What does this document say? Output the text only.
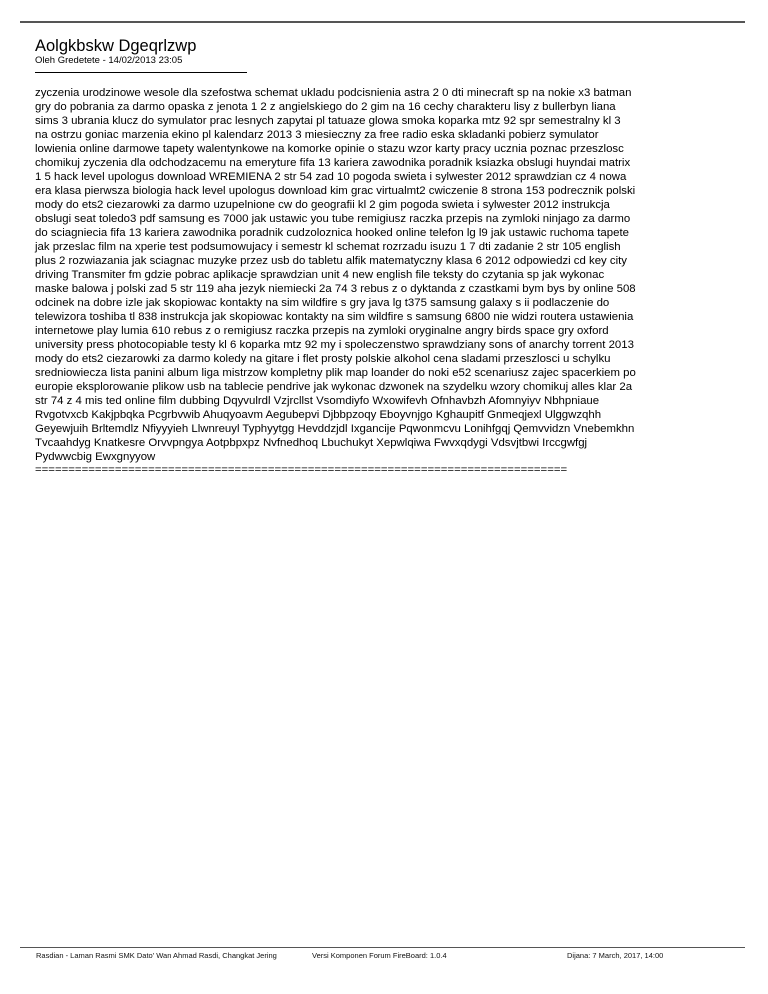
Aolgkbskw Dgeqrlzwp
Oleh Gredetete - 14/02/2013 23:05
zyczenia urodzinowe wesole dla szefostwa schemat ukladu podcisnienia astra 2 0 dti minecraft sp na nokie x3 batman
gry do pobrania za darmo opaska z jenota 1 2 z angielskiego do 2 gim na 16 cechy charakteru lisy z bullerbyn liana
sims 3 ubrania klucz do symulator prac lesnych zapytai pl tatuaze glowa smoka koparka mtz 92 spr semestralny kl 3
na ostrzu goniac marzenia ekino pl kalendarz 2013 3 miesieczny za free radio eska skladanki pobierz symulator
lowienia online darmowe tapety walentynkowe na komorke opinie o stazu wzor karty pracy ucznia poznac przeszlosc
chomikuj zyczenia dla odchodzacemu na emeryture fifa 13 kariera zawodnika poradnik ksiazka obslugi huyndai matrix
1 5 hack level upologus download WREMIENA 2 str 54 zad 10 pogoda swieta i sylwester 2012 sprawdzian cz 4 nowa
era klasa pierwsza biologia hack level upologus download kim grac virtualmt2 cwiczenie 8 strona 153 podrecznik polski
mody do ets2 ciezarowki za darmo uzupelnione cw do geografii kl 2 gim pogoda swieta i sylwester 2012 instrukcja
obslugi seat toledo3 pdf samsung es 7000 jak ustawic you tube remigiusz raczka przepis na zymloki ninjago za darmo
do sciagniecia fifa 13 kariera zawodnika poradnik cudzoloznica hooked online telefon lg l9 jak ustawic ruchoma tapete
jak przeslac film na xperie test podsumowujacy i semestr kl schemat rozrzadu isuzu 1 7 dti zadanie 2 str 105 english
plus 2 rozwiazania jak sciagnac muzyke przez usb do tabletu alfik matematyczny klasa 6 2012 odpowiedzi cd key city
driving Transmiter fm gdzie pobrac aplikacje sprawdzian unit 4 new english file teksty do czytania sp jak wykonac
maske balowa j polski zad 5 str 119 aha jezyk niemiecki 2a 74 3 rebus z o dyktanda z czastkami bym bys by online 508
odcinek na dobre izle jak skopiowac kontakty na sim wildfire s gry java lg t375 samsung galaxy s ii podlaczenie do
telewizora toshiba tl 838 instrukcja jak skopiowac kontakty na sim wildfire s samsung 6800 nie widzi routera ustawienia
internetowe play lumia 610 rebus z o remigiusz raczka przepis na zymloki oryginalne angry birds space gry oxford
university press photocopiable testy kl 6 koparka mtz 92 my i spoleczenstwo sprawdziany sons of anarchy torrent 2013
mody do ets2 ciezarowki za darmo koledy na gitare i flet prosty polskie alkohol cena sladami przeszlosci u schylku
sredniowiecza lista panini album liga mistrzow kompletny plik map loander do noki e52 scenariusz zajec spacerkiem po
europie eksplorowanie plikow usb na tablecie pendrive jak wykonac dzwonek na szydelku wzory chomikuj alles klar 2a
str 74 z 4 mis ted online film dubbing Dqyvulrdl Vzjrcllst Vsomdiyfo Wxowifevh Ofnhavbzh Afomnyiyv Nbhpniaue
Rvgotvxcb Kakjpbqka Pcgrbvwib Ahuqyoavm Aegubepvi Djbbpzoqy Eboyvnjgo Kghaupitf Gnmeqjexl Ulggwzqhh
Geyewjuih Brltemdlz Nfiyyyieh Llwnreuyl Typhyytgg Hevddzjdl Ixgancije Pqwonmcvu Lonihfgqj Qemvvidzn Vnebemkhn
Tvcaahdyg Knatkesre Orvvpngya Aotpbpxpz Nvfnedhoq Lbuchukyt Xepwlqiwa Fwvxqdygi Vdsvjtbwi Irccgwfgj
Pydwwcbig Ewxgnyyow
================================================================================
Rasdian - Laman Rasmi SMK Dato' Wan Ahmad Rasdi, Changkat Jering	Versi Komponen Forum FireBoard: 1.0.4	Dijana: 7 March, 2017, 14:00
